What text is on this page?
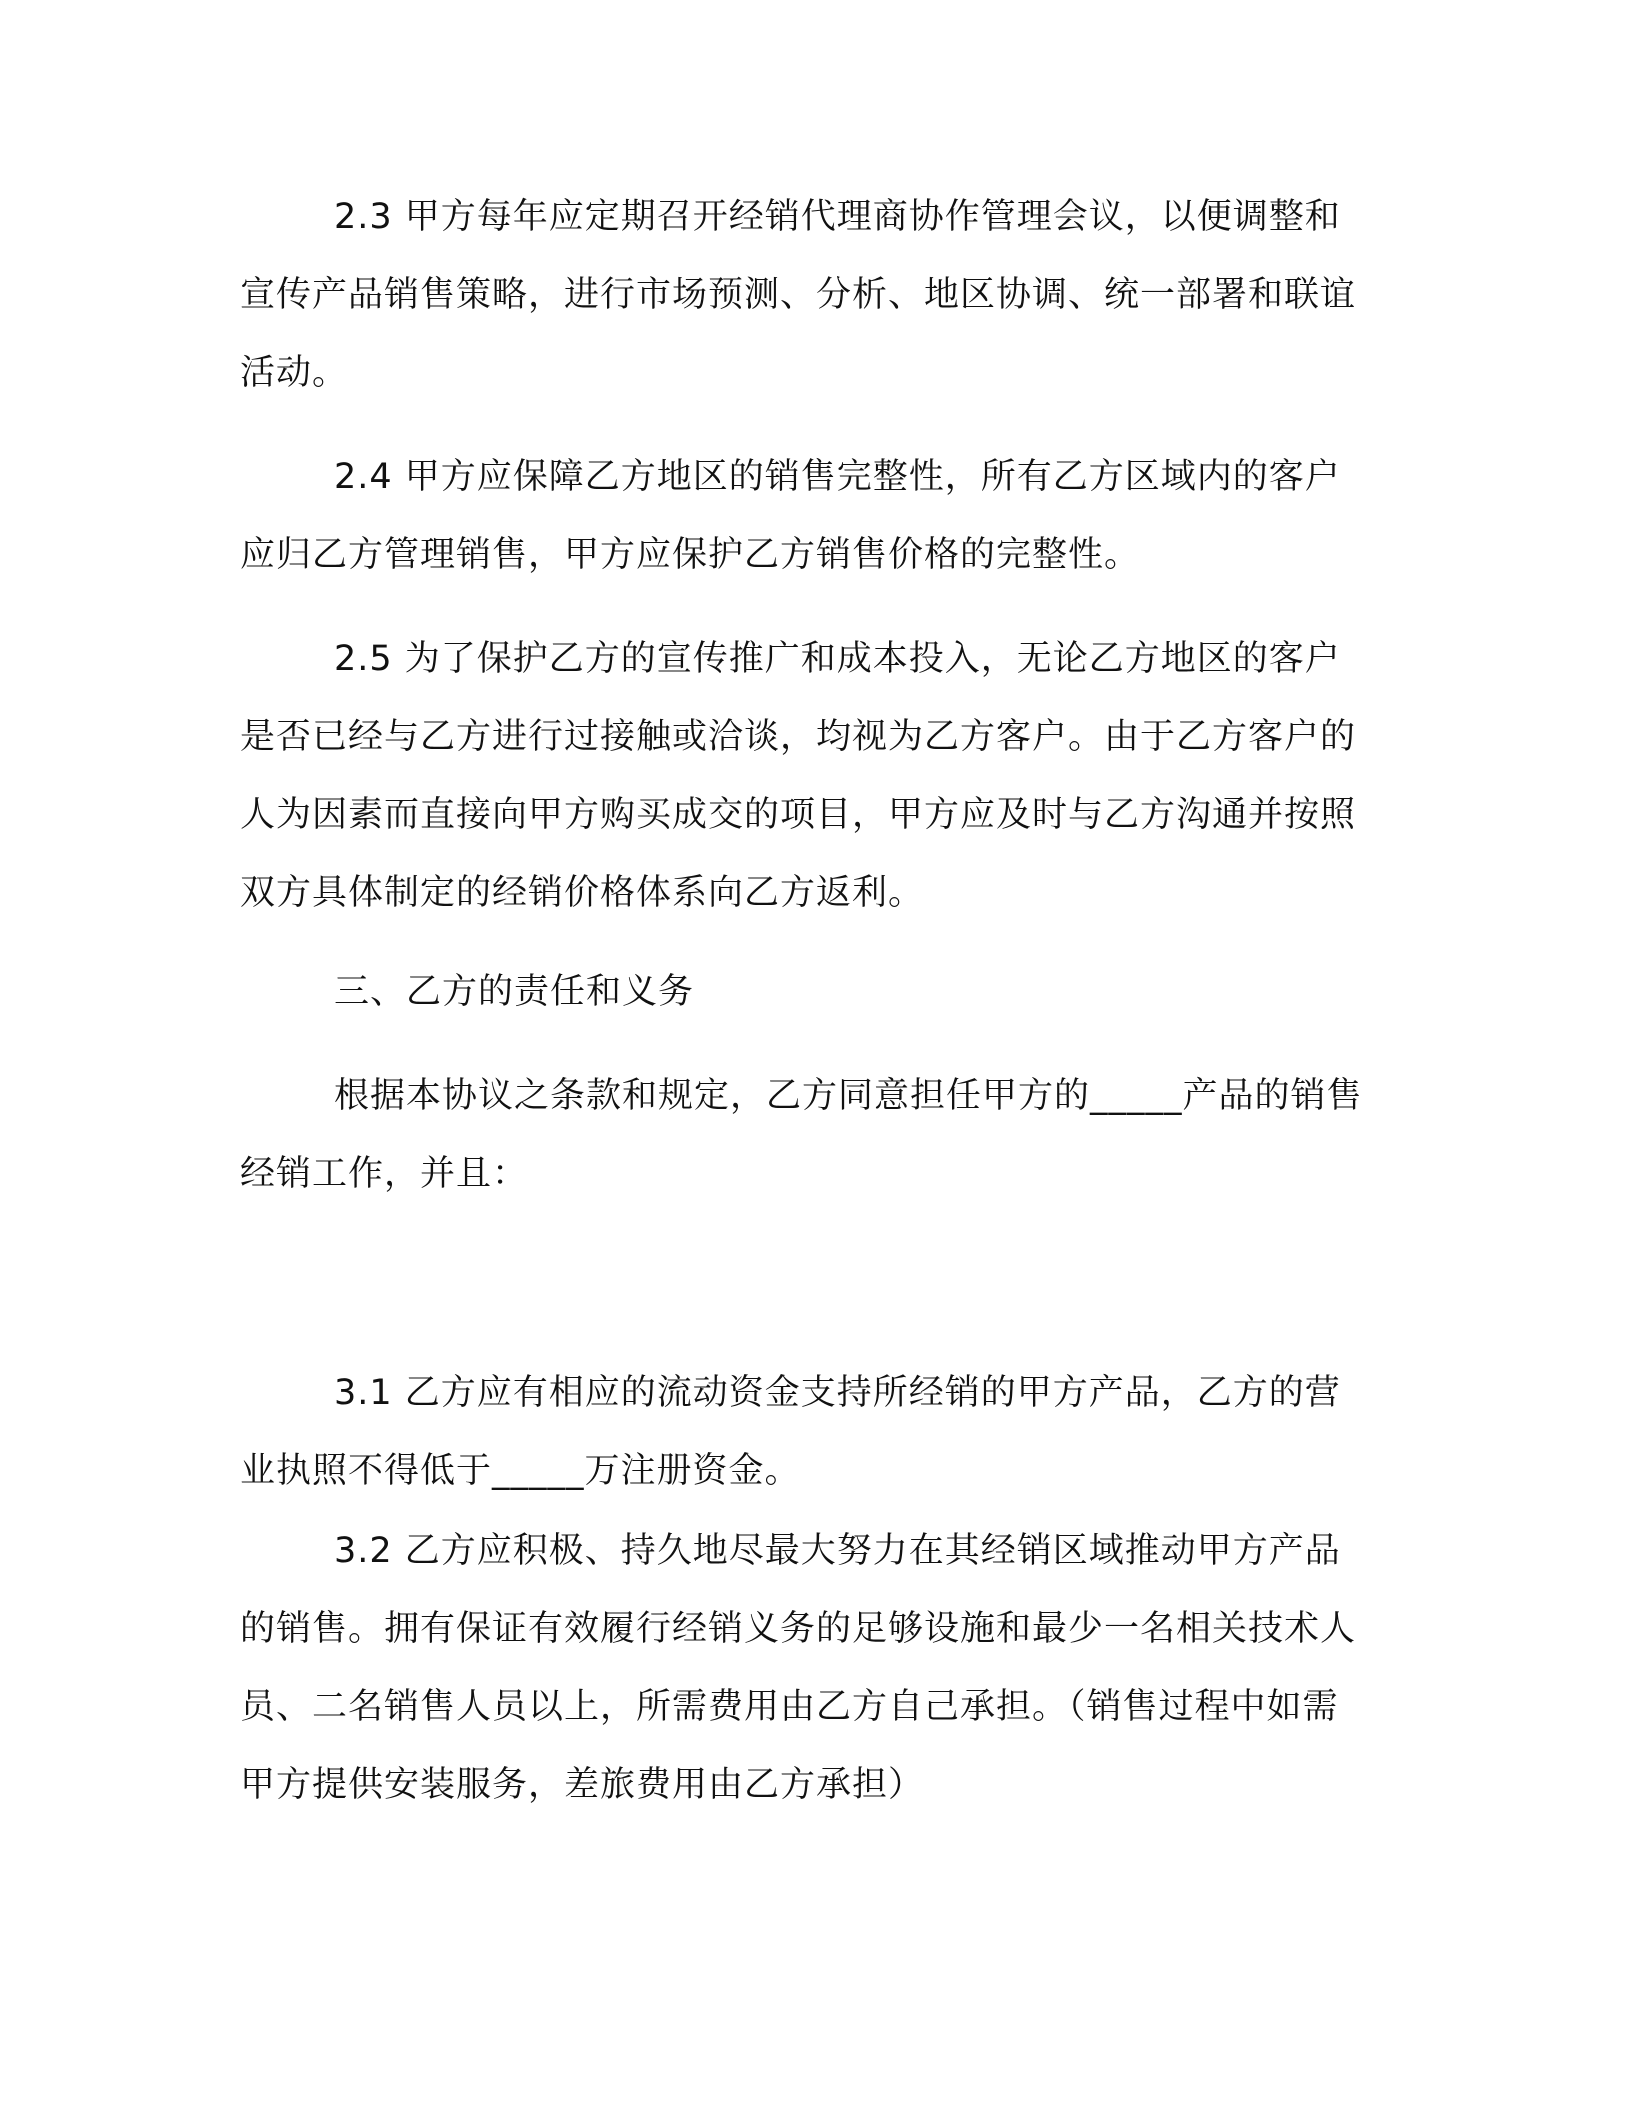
2.3 甲方每年应定期召开经销代理商协作管理会议，以便调整和宣传产品销售策略，进行市场预测、分析、地区协调、统一部署和联谊活动。

2.4 甲方应保障乙方地区的销售完整性，所有乙方区域内的客户应归乙方管理销售，甲方应保护乙方销售价格的完整性。

2.5 为了保护乙方的宣传推广和成本投入，无论乙方地区的客户是否已经与乙方进行过接触或洽谈，均视为乙方客户。由于乙方客户的人为因素而直接向甲方购买成交的项目，甲方应及时与乙方沟通并按照双方具体制定的经销价格体系向乙方返利。

三、乙方的责任和义务

根据本协议之条款和规定，乙方同意担任甲方的_____产品的销售经销工作，并且：

3.1 乙方应有相应的流动资金支持所经销的甲方产品，乙方的营业执照不得低于_____万注册资金。

3.2 乙方应积极、持久地尽最大努力在其经销区域推动甲方产品的销售。拥有保证有效履行经销义务的足够设施和最少一名相关技术人员、二名销售人员以上，所需费用由乙方自己承担。（销售过程中如需甲方提供安装服务，差旅费用由乙方承担）
